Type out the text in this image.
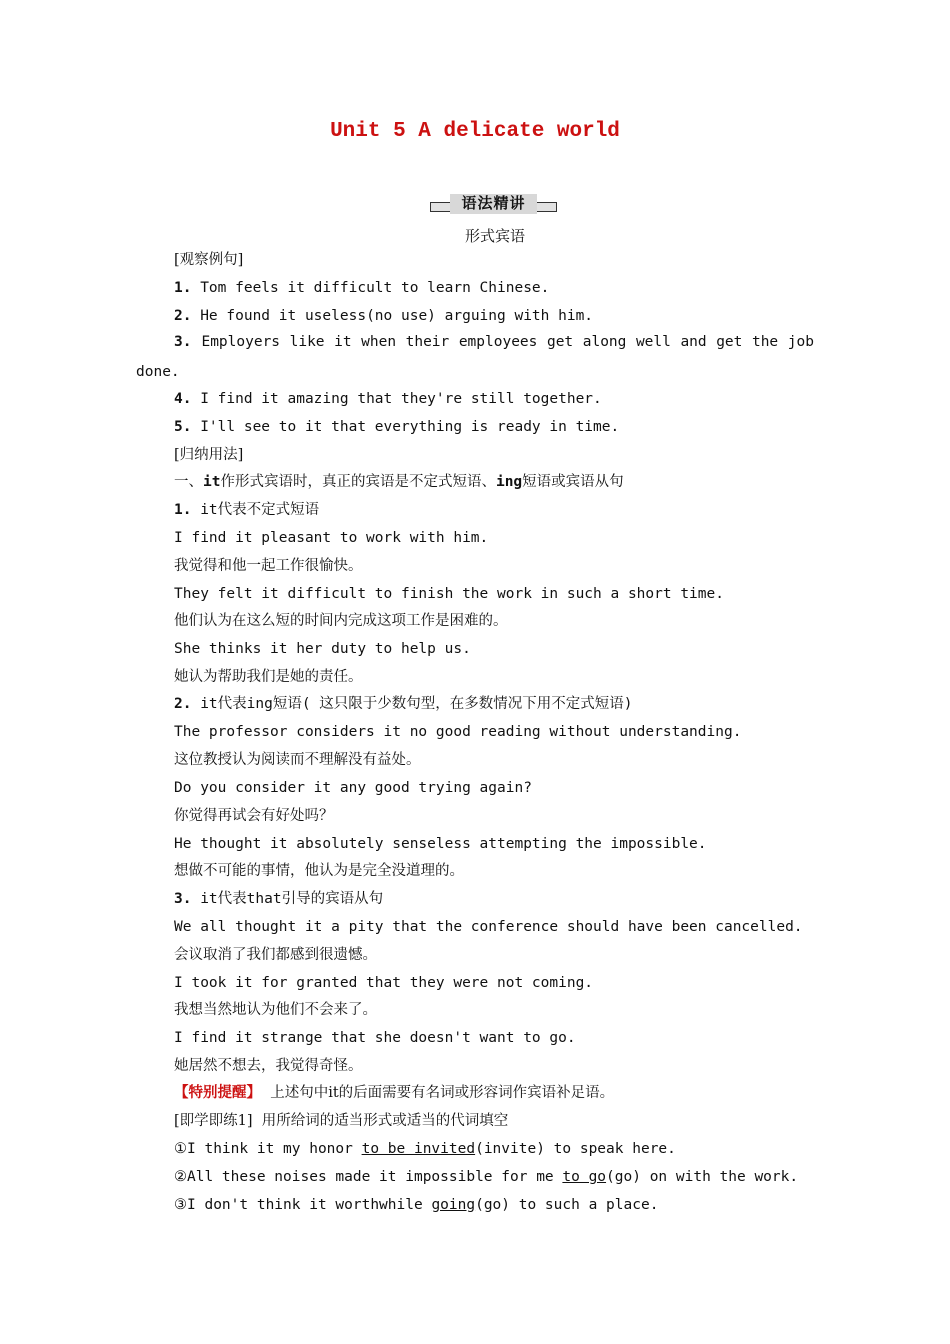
Unit 5 A delicate world
语法精讲
形式宾语
[观察例句]
1. Tom feels it difficult to learn Chinese.
2. He found it useless(no use) arguing with him.
3. Employers like it when their employees get along well and get the job
done.
4. I find it amazing that they're still together.
5. I'll see to it that everything is ready in time.
[归纳用法]
一、it作形式宾语时，真正的宾语是不定式短语、ing短语或宾语从句
1. it代表不定式短语
I find it pleasant to work with him.
我觉得和他一起工作很愉快。
They felt it difficult to finish the work in such a short time.
他们认为在这么短的时间内完成这项工作是困难的。
She thinks it her duty to help us.
她认为帮助我们是她的责任。
2. it代表ing短语( 这只限于少数句型，在多数情况下用不定式短语)
The professor considers it no good reading without understanding.
这位教授认为阅读而不理解没有益处。
Do you consider it any good trying again?
你觉得再试会有好处吗？
He thought it absolutely senseless attempting the impossible.
想做不可能的事情，他认为是完全没道理的。
3. it代表that引导的宾语从句
We all thought it a pity that the conference should have been cancelled.
会议取消了我们都感到很遗憾。
I took it for granted that they were not coming.
我想当然地认为他们不会来了。
I find it strange that she doesn't want to go.
她居然不想去，我觉得奇怪。
【特别提醒】  上述句中it的后面需要有名词或形容词作宾语补足语。
[即学即练1]  用所给词的适当形式或适当的代词填空
①I think it my honor to be invited(invite) to speak here.
②All these noises made it impossible for me to go(go) on with the work.
③I don't think it worthwhile going(go) to such a place.
